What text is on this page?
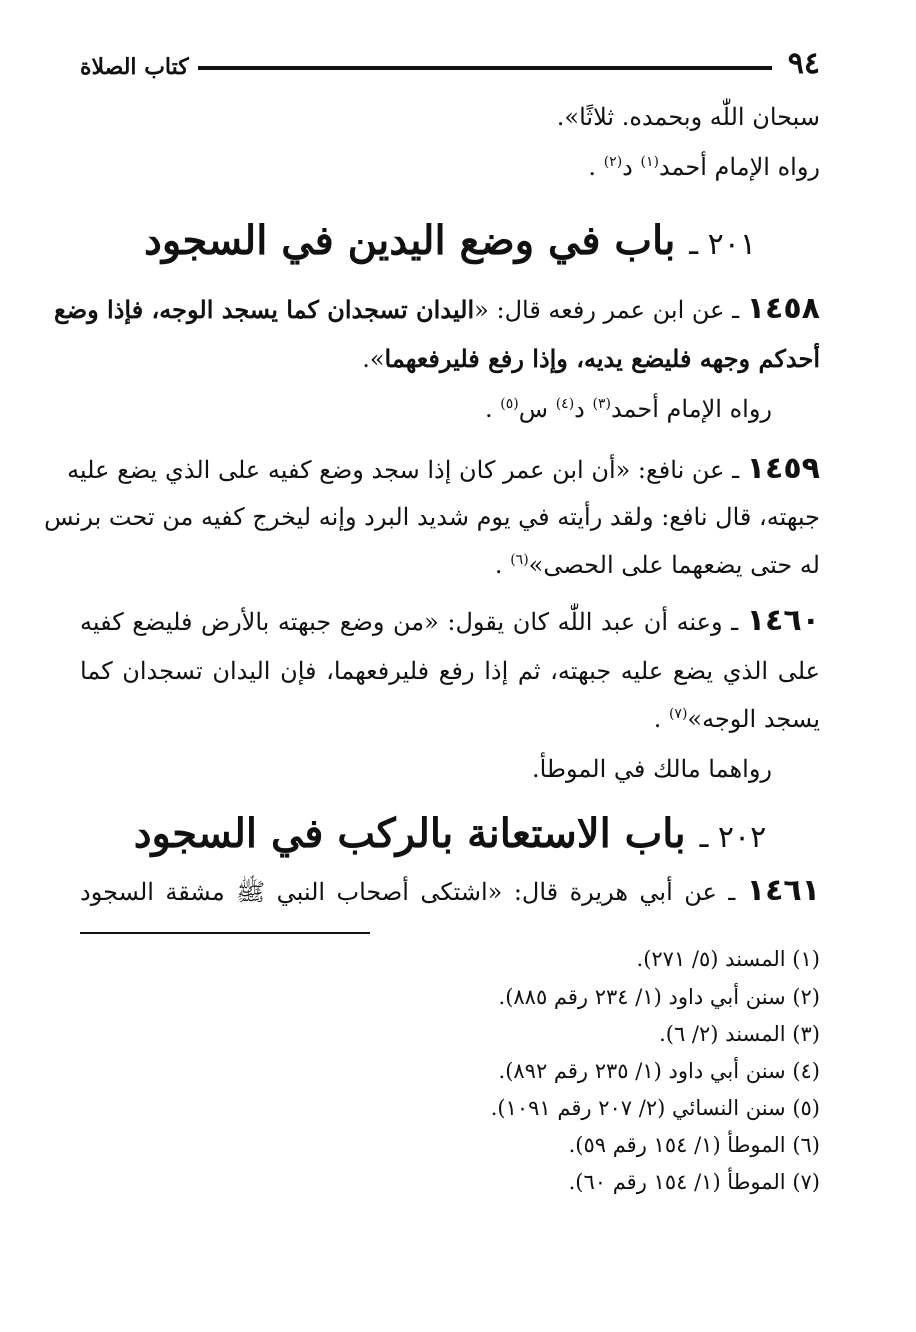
٩٤
كتاب الصلاة
سبحان اللّٰه وبحمده. ثلاثًا».
رواه الإمام أحمد$^{(١)}$ د$^{(٢)}$ .
٢٠١ ـ باب في وضع اليدين في السجود
١٤٥٨ ـ عن ابن عمر رفعه قال: «اليدان تسجدان كما يسجد الوجه، فإذا وضع
أحدكم وجهه فليضع يديه، وإذا رفع فليرفعهما».
رواه الإمام أحمد$^{(٣)}$ د$^{(٤)}$ س$^{(٥)}$ .
١٤٥٩ ـ عن نافع: «أن ابن عمر كان إذا سجد وضع كفيه على الذي يضع عليه
جبهته، قال نافع: ولقد رأيته في يوم شديد البرد وإنه ليخرج كفيه من تحت برنس
له حتى يضعهما على الحصى»$^{(٦)}$ .
١٤٦٠ ـ وعنه أن عبد اللّٰه كان يقول: «من وضع جبهته بالأرض فليضع كفيه
على الذي يضع عليه جبهته، ثم إذا رفع فليرفعهما، فإن اليدان تسجدان كما
يسجد الوجه»$^{(٧)}$ .
رواهما مالك في الموطأ.
٢٠٢ ـ باب الاستعانة بالركب في السجود
١٤٦١ ـ عن أبي هريرة قال: «اشتكى أصحاب النبي ﷺ مشقة السجود
(١) المسند (٥/ ٢٧١).
(٢) سنن أبي داود (١/ ٢٣٤ رقم ٨٨٥).
(٣) المسند (٢/ ٦).
(٤) سنن أبي داود (١/ ٢٣٥ رقم ٨٩٢).
(٥) سنن النسائي (٢/ ٢٠٧ رقم ١٠٩١).
(٦) الموطأ (١/ ١٥٤ رقم ٥٩).
(٧) الموطأ (١/ ١٥٤ رقم ٦٠).
